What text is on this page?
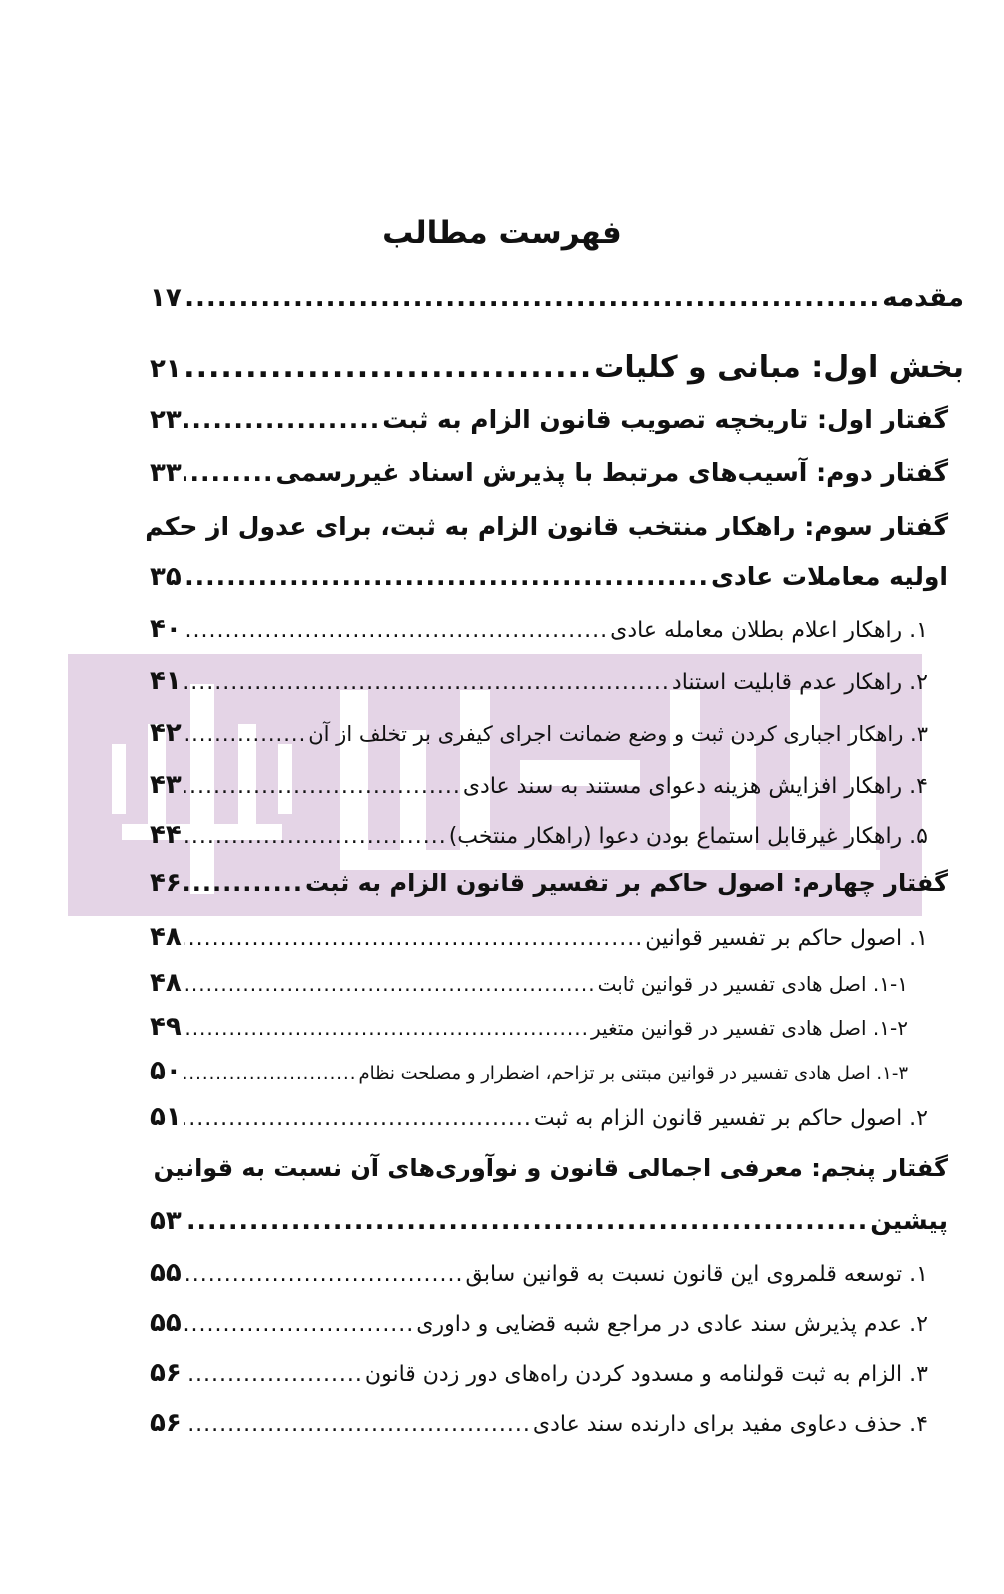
فهرست مطالب
مقدمه
.....
۱۷
بخش اول: مبانی و کلیات
.....
۲۱
گفتار اول: تاریخچه تصویب قانون الزام به ثبت
.....
۲۳
گفتار دوم: آسیب‌های مرتبط با پذیرش اسناد غیررسمی
.....
۳۳
گفتار سوم: راهکار منتخب قانون الزام به ثبت، برای عدول از حکم
اولیه معاملات عادی
.....
۳۵
۱. راهکار اعلام بطلان معامله عادی
.....
۴۰
۲. راهکار عدم قابلیت استناد
.....
۴۱
۳. راهکار اجباری کردن ثبت و وضع ضمانت اجرای کیفری بر تخلف از آن
.....
۴۲
۴. راهکار افزایش هزینه دعوای مستند به سند عادی
.....
۴۳
۵. راهکار غیرقابل استماع بودن دعوا (راهکار منتخب)
.....
۴۴
گفتار چهارم: اصول حاکم بر تفسیر قانون الزام به ثبت
.....
۴۶
۱. اصول حاکم بر تفسیر قوانین
.....
۴۸
۱-۱. اصل هادی تفسیر در قوانین ثابت
.....
۴۸
۱-۲. اصل هادی تفسیر در قوانین متغیر
.....
۴۹
۱-۳. اصل هادی تفسیر در قوانین مبتنی بر تزاحم، اضطرار و مصلحت نظام
.....
۵۰
۲. اصول حاکم بر تفسیر قانون الزام به ثبت
.....
۵۱
گفتار پنجم: معرفی اجمالی قانون و نوآوری‌های آن نسبت به قوانین
پیشین
.....
۵۳
۱. توسعه قلمروی این قانون نسبت به قوانین سابق
.....
۵۵
۲. عدم پذیرش سند عادی در مراجع شبه قضایی و داوری
.....
۵۵
۳. الزام به ثبت قولنامه و مسدود کردن راه‌های دور زدن قانون
.....
۵۶
۴. حذف دعاوی مفید برای دارنده سند عادی
.....
۵۶
